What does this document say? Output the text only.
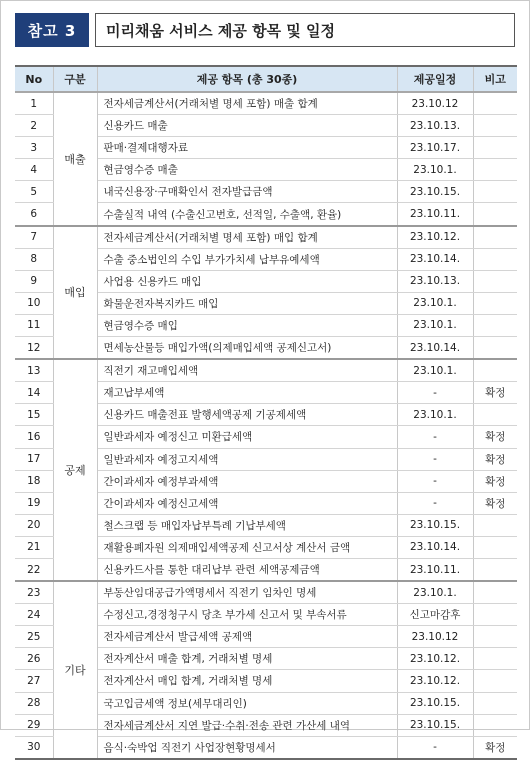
참고 3	미리채움 서비스 제공 항목 및 일정
No	구분	제공 항목 (총 30종)	제공일정	비고
1	매출	전자세금계산서(거래처별 명세 포함) 매출 합계	23.10.12	
2		신용카드 매출	23.10.13.	
3		판매·결제대행자료	23.10.17.	
4		현금영수증 매출	23.10.1.	
5		내국신용장·구매확인서 전자발급금액	23.10.15.	
6		수출실적 내역 (수출신고번호, 선적일, 수출액, 환율)	23.10.11.	
7	매입	전자세금계산서(거래처별 명세 포함) 매입 합계	23.10.12.	
8		수출 중소법인의 수입 부가가치세 납부유예세액	23.10.14.	
9		사업용 신용카드 매입	23.10.13.	
10		화물운전자복지카드 매입	23.10.1.	
11		현금영수증 매입	23.10.1.	
12		면세농산물등 매입가액(의제매입세액 공제신고서)	23.10.14.	
13	공제	직전기 재고매입세액	23.10.1.	
14		재고납부세액	-	확정
15		신용카드 매출전표 발행세액공제 기공제세액	23.10.1.	
16		일반과세자 예정신고 미환급세액	-	확정
17		일반과세자 예정고지세액	-	확정
18		간이과세자 예정부과세액	-	확정
19		간이과세자 예정신고세액	-	확정
20		철스크랩 등 매입자납부특례 기납부세액	23.10.15.	
21		재활용폐자원 의제매입세액공제 신고서상 계산서 금액	23.10.14.	
22		신용카드사를 통한 대리납부 관련 세액공제금액	23.10.11.	
23	기타	부동산임대공급가액명세서 직전기 임차인 명세	23.10.1.	
24		수정신고,경정청구시 당초 부가세 신고서 및 부속서류	신고마감후	
25		전자세금계산서 발급세액 공제액	23.10.12	
26		전자계산서 매출 합계, 거래처별 명세	23.10.12.	
27		전자계산서 매입 합계, 거래처별 명세	23.10.12.	
28		국고입금세액 정보(세무대리인)	23.10.15.	
29		전자세금계산서 지연 발급·수취·전송 관련 가산세 내역	23.10.15.	
30		음식·숙박업 직전기 사업장현황명세서	-	확정
